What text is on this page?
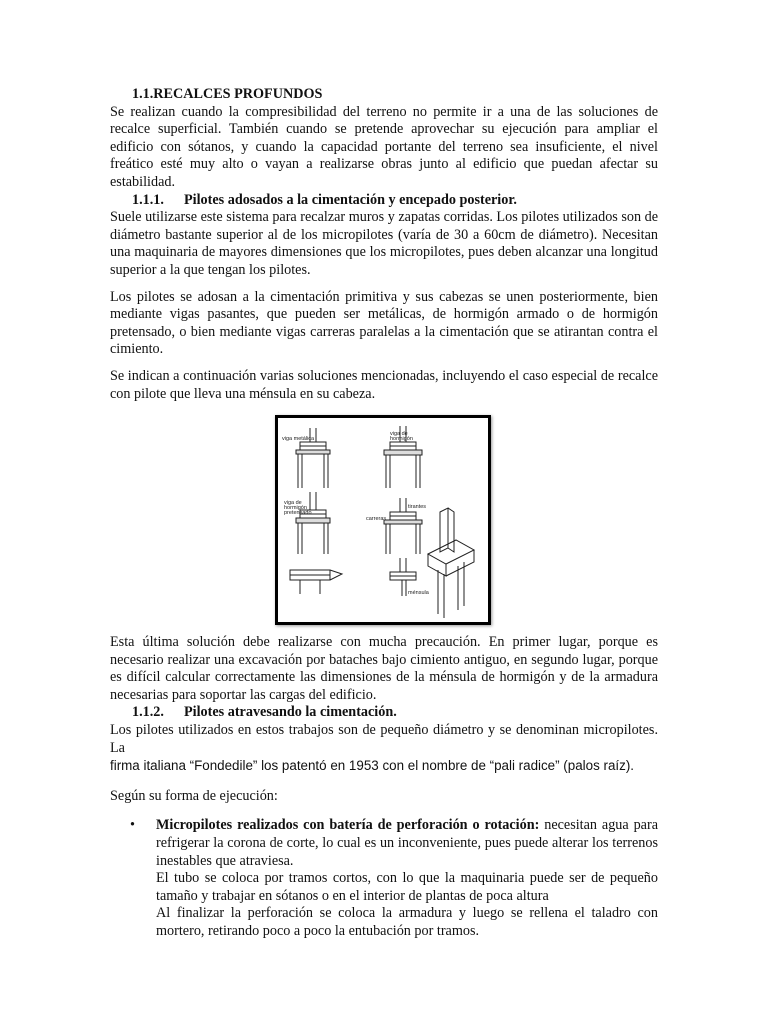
1.1.RECALCES PROFUNDOS

Se realizan cuando la compresibilidad del terreno no permite ir a una de las soluciones de recalce superficial. También cuando se pretende aprovechar su ejecución para ampliar el edificio con sótanos, y cuando la capacidad portante del terreno sea insuficiente, el nivel freático esté muy alto o vayan a realizarse obras junto al edificio que puedan afectar su estabilidad.

1.1.1. Pilotes adosados a la cimentación y encepado posterior.

Suele utilizarse este sistema para recalzar muros y zapatas corridas. Los pilotes utilizados son de diámetro bastante superior al de los micropilotes (varía de 30 a 60cm de diámetro). Necesitan una maquinaria de mayores dimensiones que los micropilotes, pues deben alcanzar una longitud superior a la que tengan los pilotes.

Los pilotes se adosan a la cimentación primitiva y sus cabezas se unen posteriormente, bien mediante vigas pasantes, que pueden ser metálicas, de hormigón armado o de hormigón pretensado, o bien mediante vigas carreras paralelas a la cimentación que se atirantan contra el cimiento.

Se indican a continuación varias soluciones mencionadas, incluyendo el caso especial de recalce con pilote que lleva una ménsula en su cabeza.

viga metálica
viga de
hormigón
viga de
hormigón
pretensado
carreras
tirantes
ménsula

Esta última solución debe realizarse con mucha precaución. En primer lugar, porque es necesario realizar una excavación por bataches bajo cimiento antiguo, en segundo lugar, porque es difícil calcular correctamente las dimensiones de la ménsula de hormigón y de la armadura necesarias para soportar las cargas del edificio.

1.1.2. Pilotes atravesando la cimentación.

Los pilotes utilizados en estos trabajos son de pequeño diámetro y se denominan micropilotes. La
firma italiana “Fondedile” los patentó en 1953 con el nombre de “pali radice” (palos raíz).

Según su forma de ejecución:

• Micropilotes realizados con batería de perforación o rotación: necesitan agua para refrigerar la corona de corte, lo cual es un inconveniente, pues puede alterar los terrenos inestables que atraviesa.

El tubo se coloca por tramos cortos, con lo que la maquinaria puede ser de pequeño tamaño y trabajar en sótanos o en el interior de plantas de poca altura

Al finalizar la perforación se coloca la armadura y luego se rellena el taladro con mortero, retirando poco a poco la entubación por tramos.
